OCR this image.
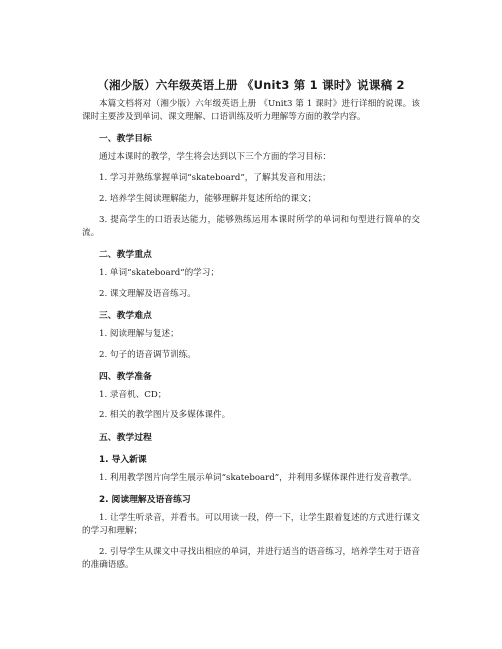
（湘少版）六年级英语上册 《Unit3 第 1 课时》说课稿 2

本篇文档将对（湘少版）六年级英语上册 《Unit3 第 1 课时》进行详细的说课。该课时主要涉及到单词、课文理解、口语训练及听力理解等方面的教学内容。

一、教学目标

通过本课时的教学，学生将会达到以下三个方面的学习目标：

1. 学习并熟练掌握单词“skateboard”，了解其发音和用法；

2. 培养学生阅读理解能力，能够理解并复述所给的课文；

3. 提高学生的口语表达能力，能够熟练运用本课时所学的单词和句型进行简单的交流。

二、教学重点

1. 单词“skateboard”的学习；

2. 课文理解及语音练习。

三、教学难点

1. 阅读理解与复述；

2. 句子的语音调节训练。

四、教学准备

1. 录音机、CD；

2. 相关的教学图片及多媒体课件。

五、教学过程
1. 导入新课

1. 利用教学图片向学生展示单词“skateboard”，并利用多媒体课件进行发音教学。

2. 阅读理解及语音练习

1. 让学生听录音，并看书。可以用读一段，停一下，让学生跟着复述的方式进行课文的学习和理解；

2. 引导学生从课文中寻找出相应的单词，并进行适当的语音练习，培养学生对于语音的准确语感。
